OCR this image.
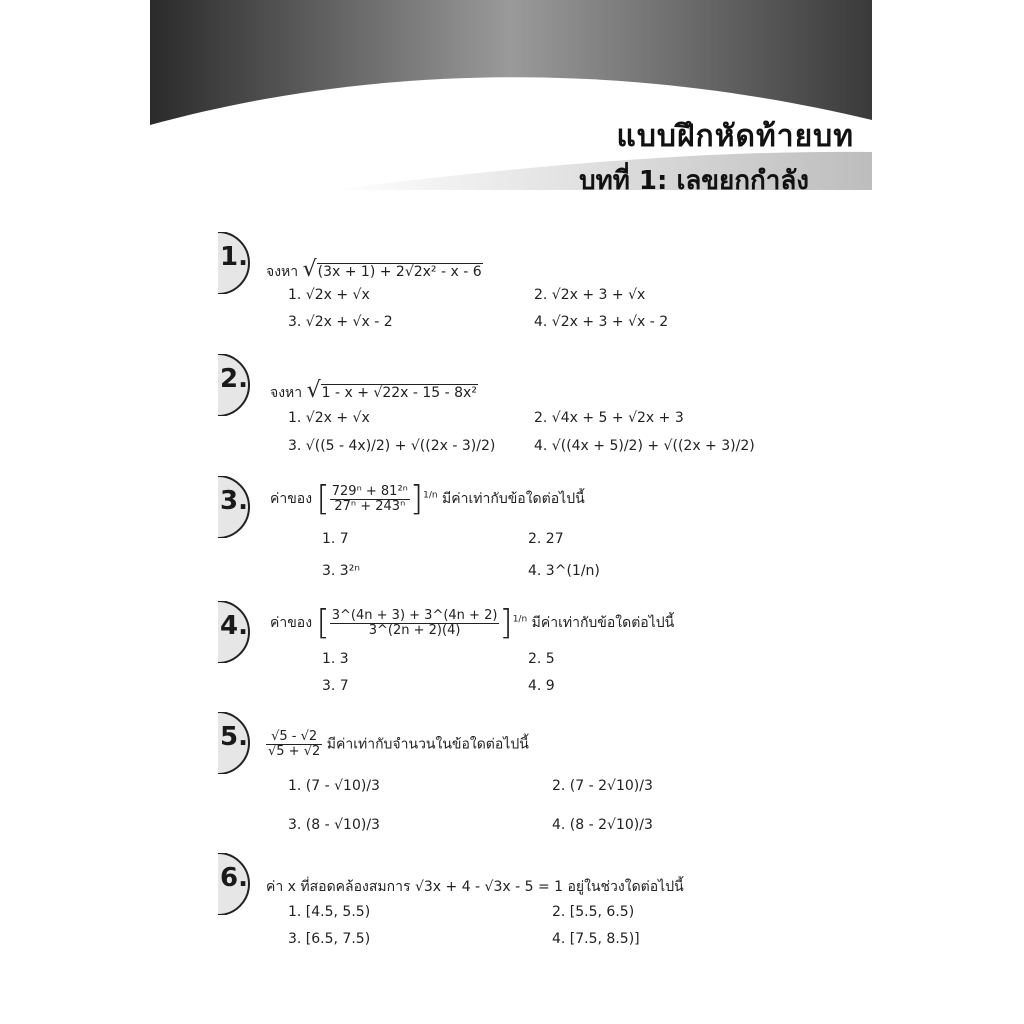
แบบฝึกหัดท้ายบท
บทที่ 1: เลขยกกำลัง
1.
2.
3.
4.
5.
6.
จงหา √(3x + 1) + 2√2x² - x - 6
1. √2x + √x	2. √2x + 3 + √x
3. √2x + √x - 2	4. √2x + 3 + √x - 2
จงหา √1 - x + √22x - 15 - 8x²
1. √2x + √x	2. √4x + 5 + √2x + 3
3. √((5 - 4x)/2) + √((2x - 3)/2)	4. √((4x + 5)/2) + √((2x + 3)/2)
ค่าของ [ $\frac{\text{729ⁿ + 81²ⁿ}}{\text{27ⁿ + 243ⁿ}} ]^{1/n}$ มีค่าเท่ากับข้อใดต่อไปนี้
1. 7	2. 27
3. 3²ⁿ	4. 3^(1/n)
ค่าของ [ $\frac{3\^{}(4n + 3) + 3\^{}(4n + 2)}{3\^{}(2n + 2)(4)} ]^{1/n}$ มีค่าเท่ากับข้อใดต่อไปนี้
1. 3	2. 5
3. 7	4. 9
$\frac{√5 - √2}{√5 + √2}$ มีค่าเท่ากับจำนวนในข้อใดต่อไปนี้
1. (7 - √10)/3	2. (7 - 2√10)/3
3. (8 - √10)/3	4. (8 - 2√10)/3
ค่า x ที่สอดคล้องสมการ √3x + 4 - √3x - 5 = 1 อยู่ในช่วงใดต่อไปนี้
1. [4.5, 5.5)	2. [5.5, 6.5)
3. [6.5, 7.5)	4. [7.5, 8.5)]
